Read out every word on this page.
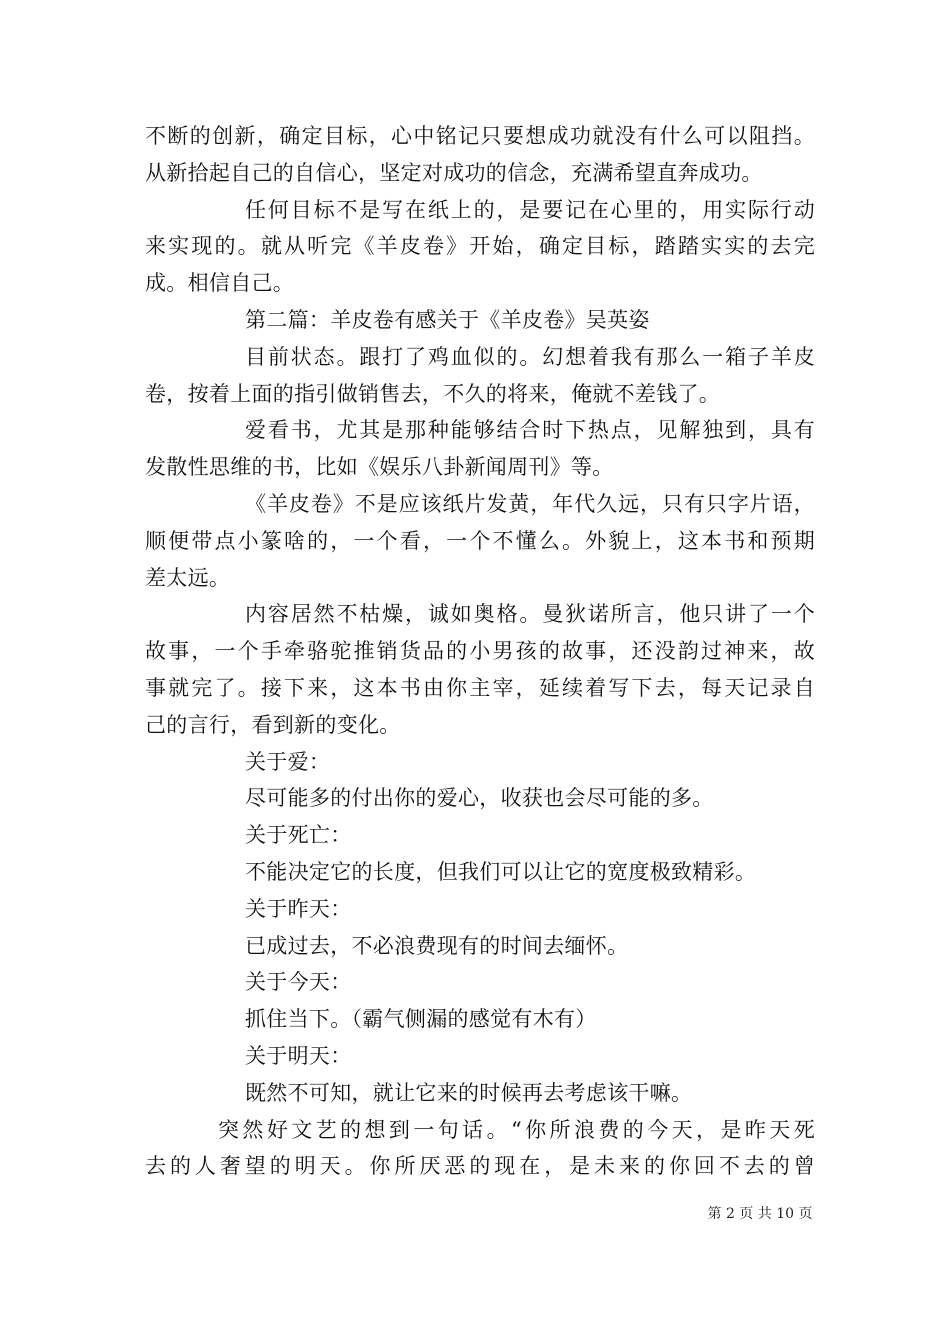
不断的创新，确定目标，心中铭记只要想成功就没有什么可以阻挡。
从新拾起自己的自信心，坚定对成功的信念，充满希望直奔成功。
任何目标不是写在纸上的，是要记在心里的，用实际行动
来实现的。就从听完《羊皮卷》开始，确定目标，踏踏实实的去完
成。相信自己。
第二篇：羊皮卷有感关于《羊皮卷》吴英姿
目前状态。跟打了鸡血似的。幻想着我有那么一箱子羊皮
卷，按着上面的指引做销售去，不久的将来，俺就不差钱了。
爱看书，尤其是那种能够结合时下热点，见解独到，具有
发散性思维的书，比如《娱乐八卦新闻周刊》等。
《羊皮卷》不是应该纸片发黄，年代久远，只有只字片语，
顺便带点小篆啥的，一个看，一个不懂么。外貌上，这本书和预期
差太远。
内容居然不枯燥，诚如奥格。曼狄诺所言，他只讲了一个
故事，一个手牵骆驼推销货品的小男孩的故事，还没韵过神来，故
事就完了。接下来，这本书由你主宰，延续着写下去，每天记录自
己的言行，看到新的变化。
关于爱：
尽可能多的付出你的爱心，收获也会尽可能的多。
关于死亡：
不能决定它的长度，但我们可以让它的宽度极致精彩。
关于昨天：
已成过去，不必浪费现有的时间去缅怀。
关于今天：
抓住当下。（霸气侧漏的感觉有木有）
关于明天：
既然不可知，就让它来的时候再去考虑该干嘛。
突然好文艺的想到一句话。“你所浪费的今天，是昨天死
去的人奢望的明天。你所厌恶的现在，是未来的你回不去的曾
第 2 页 共 10 页
